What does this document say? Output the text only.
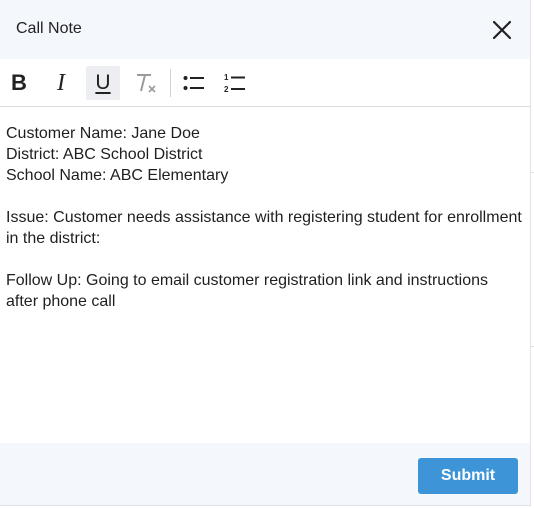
Call Note
B I U	1
2

Customer Name: Jane Doe

District: ABC School District

School Name: ABC Elementary

Issue: Customer needs assistance with registering student for enrollment in the district:

Follow Up: Going to email customer registration link and instructions after phone call

Submit
